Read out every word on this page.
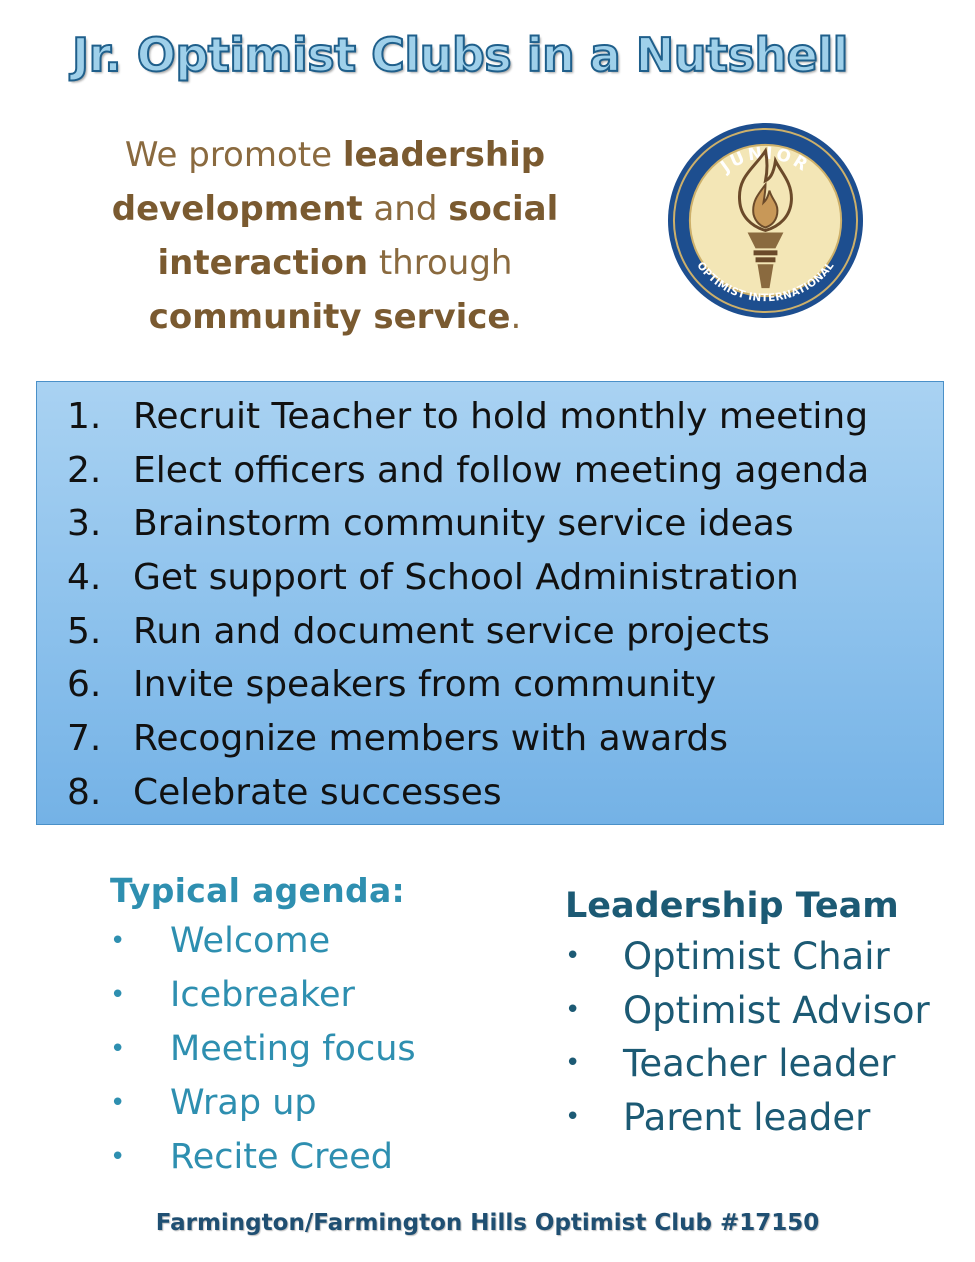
Jr. Optimist Clubs in a Nutshell
We promote leadership development and social interaction through community service.
JUNIOR
OPTIMIST INTERNATIONAL
1. Recruit Teacher to hold monthly meeting
2. Elect officers and follow meeting agenda
3. Brainstorm community service ideas
4. Get support of School Administration
5. Run and document service projects
6. Invite speakers from community
7. Recognize members with awards
8. Celebrate successes
Typical agenda:
• Welcome
• Icebreaker
• Meeting focus
• Wrap up
• Recite Creed
Leadership Team
• Optimist Chair
• Optimist Advisor
• Teacher leader
• Parent leader
Farmington/Farmington Hills Optimist Club #17150
